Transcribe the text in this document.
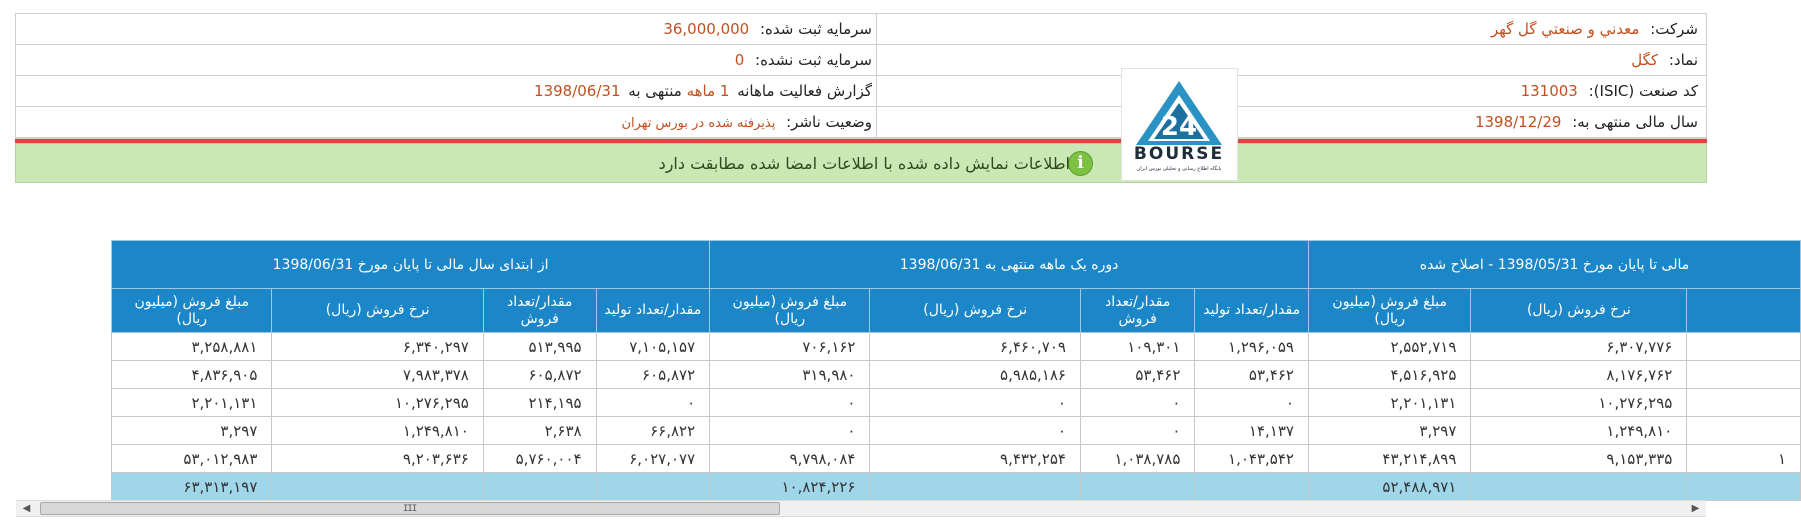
شرکت: معدني و صنعتي گل گهر
سرمایه ثبت شده: 36,000,000
نماد: کگل
سرمایه ثبت نشده: 0
کد صنعت (ISIC): 131003
گزارش فعالیت ماهانه 1 ماهه منتهی به 1398/06/31
سال مالی منتهی به: 1398/12/29
وضعیت ناشر: پذیرفته شده در بورس تهران
i
اطلاعات نمایش داده شده با اطلاعات امضا شده مطابقت دارد
24
BOURSE
پایگاه اطلاع رسانی و تحلیلی بورس ایران
مالی تا پایان مورخ 1398/05/31 - اصلاح شده			دوره یک ماهه منتهی به 1398/06/31				از ابتدای سال مالی تا پایان مورخ 1398/06/31			
	نرخ فروش (ریال)	مبلغ فروش (میلیون ریال)	مقدار/تعداد تولید	مقدار/تعداد فروش	نرخ فروش (ریال)	مبلغ فروش (میلیون ریال)	مقدار/تعداد تولید	مقدار/تعداد فروش	نرخ فروش (ریال)	مبلغ فروش (میلیون ریال)
	۶,۳۰۷,۷۷۶	۲,۵۵۲,۷۱۹	۱,۲۹۶,۰۵۹	۱۰۹,۳۰۱	۶,۴۶۰,۷۰۹	۷۰۶,۱۶۲	۷,۱۰۵,۱۵۷	۵۱۳,۹۹۵	۶,۳۴۰,۲۹۷	۳,۲۵۸,۸۸۱
	۸,۱۷۶,۷۶۲	۴,۵۱۶,۹۲۵	۵۳,۴۶۲	۵۳,۴۶۲	۵,۹۸۵,۱۸۶	۳۱۹,۹۸۰	۶۰۵,۸۷۲	۶۰۵,۸۷۲	۷,۹۸۳,۳۷۸	۴,۸۳۶,۹۰۵
	۱۰,۲۷۶,۲۹۵	۲,۲۰۱,۱۳۱	۰	۰	۰	۰	۰	۲۱۴,۱۹۵	۱۰,۲۷۶,۲۹۵	۲,۲۰۱,۱۳۱
	۱,۲۴۹,۸۱۰	۳,۲۹۷	۱۴,۱۳۷	۰	۰	۰	۶۶,۸۲۲	۲,۶۳۸	۱,۲۴۹,۸۱۰	۳,۲۹۷
۱	۹,۱۵۳,۳۳۵	۴۳,۲۱۴,۸۹۹	۱,۰۴۳,۵۴۲	۱,۰۳۸,۷۸۵	۹,۴۳۲,۲۵۴	۹,۷۹۸,۰۸۴	۶,۰۲۷,۰۷۷	۵,۷۶۰,۰۰۴	۹,۲۰۳,۶۳۶	۵۳,۰۱۲,۹۸۳
		۵۲,۴۸۸,۹۷۱				۱۰,۸۲۴,۲۲۶				۶۳,۳۱۳,۱۹۷
◀	III	▶
